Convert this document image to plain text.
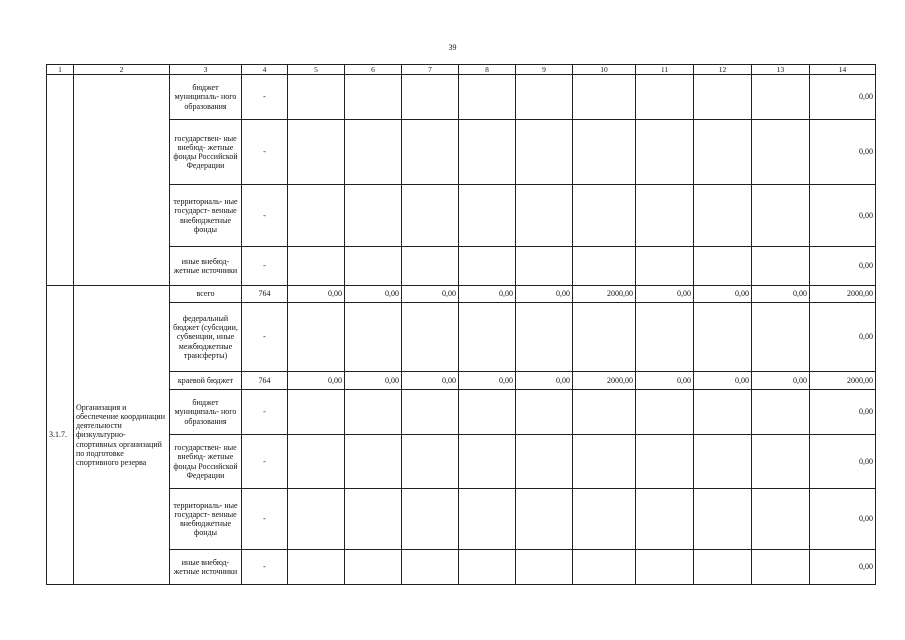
39
1	2	3	4	5	6	7	8	9	10	11	12	13	14
		бюджет муниципаль- ного образования	-										0,00
		государствен- ные внебюд- жетные фонды Российской Федерации	-										0,00
		территориаль- ные государст- венные внебюджетные фонды	-										0,00
		иные внебюд- жетные источники	-										0,00
3.1.7.	Организация и обеспечение координации деятельности физкультурно- спортивных организаций по подготовке спортивного резерва	всего	764	0,00	0,00	0,00	0,00	0,00	2000,00	0,00	0,00	0,00	2000,00
		федеральный бюджет (субсидии, субвенции, иные межбюджетные трансферты)	-										0,00
		краевой бюджет	764	0,00	0,00	0,00	0,00	0,00	2000,00	0,00	0,00	0,00	2000,00
		бюджет муниципаль- ного образования	-										0,00
		государствен- ные внебюд- жетные фонды Российской Федерации	-										0,00
		территориаль- ные государст- венные внебюджетные фонды	-										0,00
		иные внебюд- жетные источники	-										0,00
